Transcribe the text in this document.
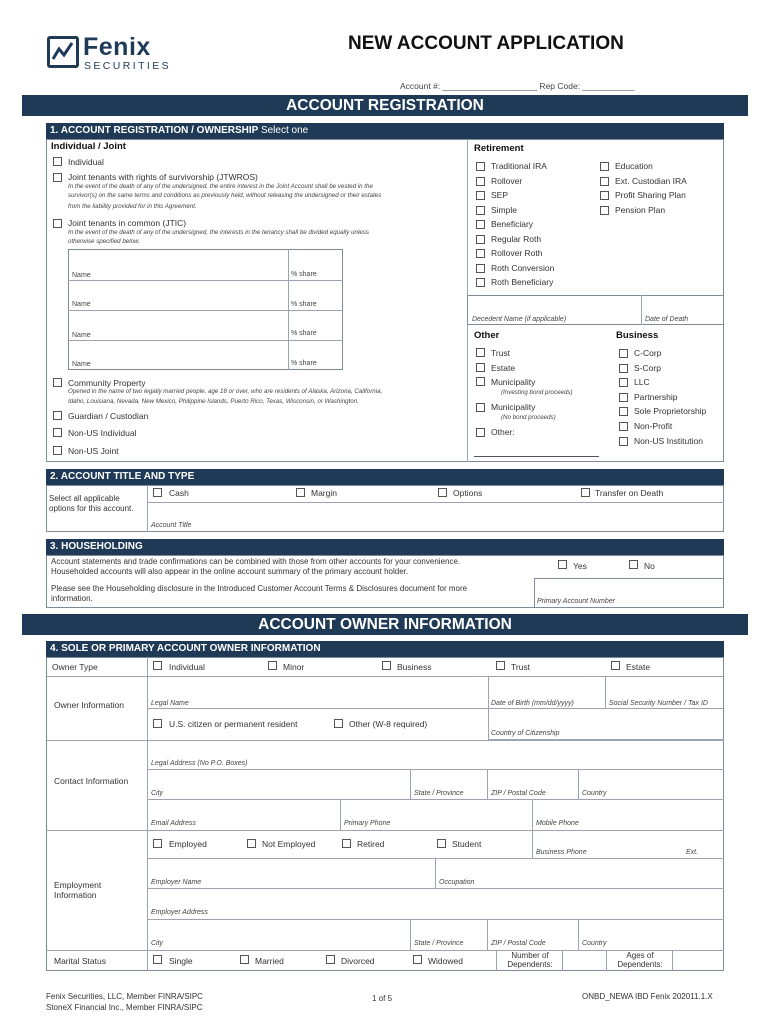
Fenix
SECURITIES
NEW ACCOUNT APPLICATION
Account #: ____________________ Rep Code: ___________
ACCOUNT REGISTRATION
1. ACCOUNT REGISTRATION / OWNERSHIP Select one
Individual / Joint
Individual
Joint tenants with rights of survivorship (JTWROS)
In the event of the death of any of the undersigned, the entire interest in the Joint Account shall be vested in the
survivor(s) on the same terms and conditions as previously held, without releasing the undersigned or their estates
from the liability provided for in this Agreement.
Joint tenants in common (JTIC)
In the event of the death of any of the undersigned, the interests in the tenancy shall be divided equally unless
otherwise specified below.
Name	% share
Name	% share
Name	% share
Name	% share
Community Property
Opened in the name of two legally married people, age 18 or over, who are residents of Alaska, Arizona, California,
Idaho, Louisiana, Nevada, New Mexico, Philippine Islands, Puerto Rico, Texas, Wisconsin, or Washington.
Guardian / Custodian
Non-US Individual
Non-US Joint
Retirement
Traditional IRA
Rollover
SEP
Simple
Beneficiary
Regular Roth
Rollover Roth
Roth Conversion
Roth Beneficiary
Education
Ext. Custodian IRA
Profit Sharing Plan
Pension Plan
Decedent Name (if applicable)	Date of Death
Other
Trust
Estate
Municipality
(Investing bond proceeds)
Municipality
(No bond proceeds)
Other:
Business
C-Corp
S-Corp
LLC
Partnership
Sole Proprietorship
Non-Profit
Non-US Institution
2. ACCOUNT TITLE AND TYPE
Select all applicable options for this account.
Cash	Margin	Options	Transfer on Death
Account Title
3. HOUSEHOLDING
Account statements and trade confirmations can be combined with those from other accounts for your convenience.
Householded accounts will also appear in the online account summary of the primary account holder.
Please see the Householding disclosure in the Introduced Customer Account Terms & Disclosures document for more
information.
Yes	No
Primary Account Number
ACCOUNT OWNER INFORMATION
4. SOLE OR PRIMARY ACCOUNT OWNER INFORMATION
Owner Type	Individual	Minor	Business	Trust	Estate
Owner Information	Legal Name	Date of Birth (mm/dd/yyyy)	Social Security Number / Tax ID
U.S. citizen or permanent resident	Other (W-8 required)
Country of Citizenship
Contact Information
Legal Address (No P.O. Boxes)
City	State / Province	ZIP / Postal Code	Country
Email Address	Primary Phone	Mobile Phone
Employment Information
Employed	Not Employed	Retired	Student
Business Phone	Ext.
Employer Name	Occupation
Employer Address
City	State / Province	ZIP / Postal Code	Country
Marital Status	Single	Married	Divorced	Widowed
Number of Dependents:
Ages of Dependents:
Fenix Securities, LLC, Member FINRA/SIPC
StoneX Financial Inc., Member FINRA/SIPC
1 of 5	ONBD_NEWA IBD Fenix 202011.1.X
